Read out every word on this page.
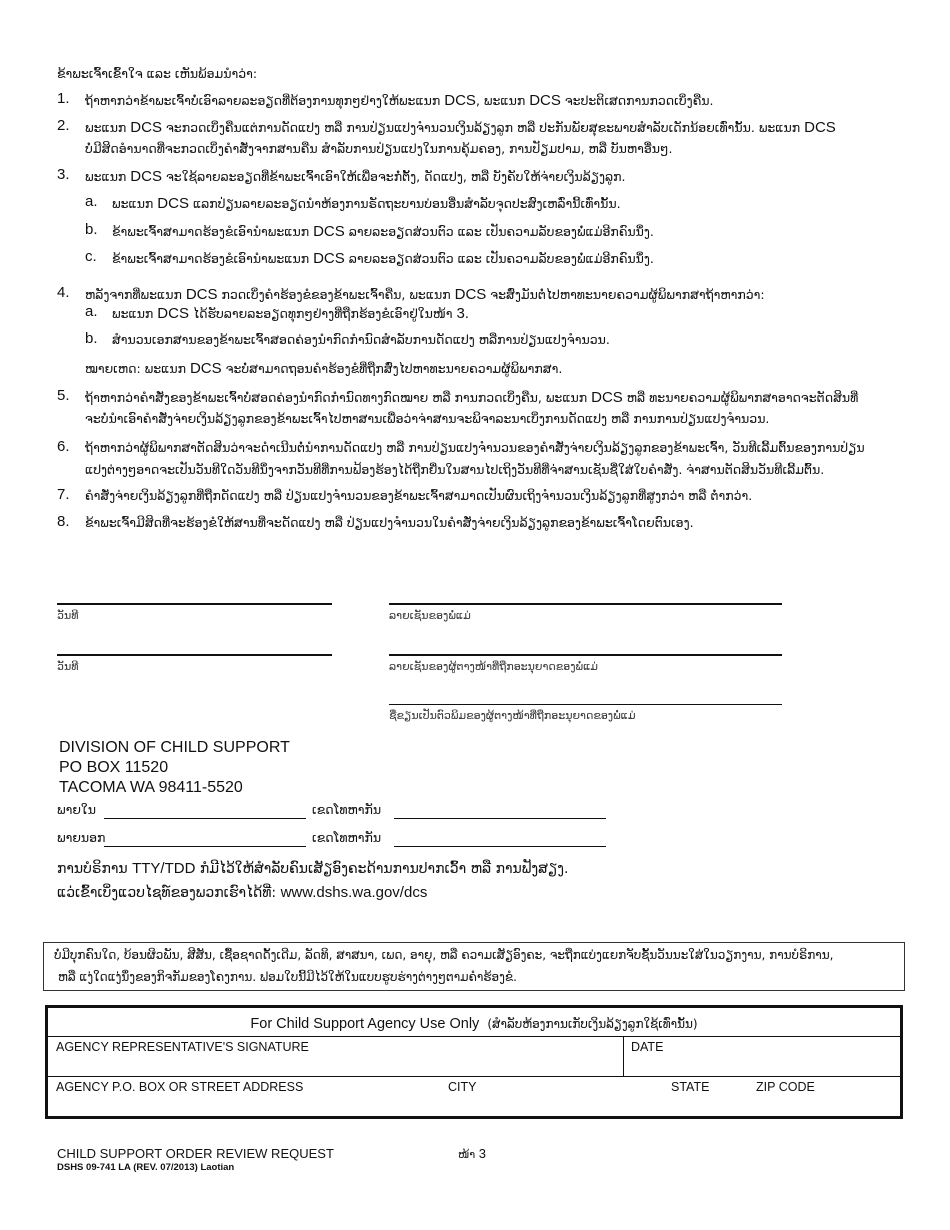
ຂ້າພະເຈົ້າເຂົ້າໃຈ ແລະ ເຫັນພ້ອມນຳວ່າ:
1. ຖ້າຫາກວ່າຂ້າພະເຈົ້າບໍ່ເອົາລາຍລະອຽດທີ່ຕ້ອງການທຸກໆຢ່າງໃຫ້ພະແນກ DCS, ພະແນກ DCS ຈະປະຕິເສດການກວດເບິ່ງຄືນ.
2. ພະແນກ DCS ຈະກວດເບິ່ງຄືນແຕ່ການດັດແປງ ຫລື ການປ່ຽນແປງຈຳນວນເງິນລ້ຽງລູກ ຫລື ປະກັນພັຍສຸຂະພາບສຳລັບເດັກນ້ອຍເທົ່ານັ້ນ. ພະແນກ DCS
ບໍ່ມີສິດອຳນາດທີ່ຈະກວດເບິ່ງຄຳສັ່ງຈາກສານຄືນ ສຳລັບການປ່ຽນແປງໃນການຄຸ້ມຄອງ, ການປັຽມປາມ, ຫລື ບັນຫາອື່ນໆ.
3. ພະແນກ DCS ຈະໃຊ້ລາຍລະອຽດທີ່ຂ້າພະເຈົ້າເອົາໃຫ້ເພື່ອຈະກໍ່ຕັ້ງ, ດັດແປງ, ຫລື ບັງຄັບໃຫ້ຈ່າຍເງິນລ້ຽງລູກ.
a. ພະແນກ DCS ແລກປ່ຽນລາຍລະອຽດນຳຫ້ອງການຣັດຖະບານບ່ອນອື່ນສຳລັບຈຸດປະສົງເຫລົ່ານີ້ເທົ່ານັ້ນ.
b. ຂ້າພະເຈົ້າສາມາດຮ້ອງຂໍເອົານຳພະແນກ DCS ລາຍລະອຽດສ່ວນຕົວ ແລະ ເປັນຄວາມລັບຂອງພໍ່ແມ່ອີກຄົນນຶ່ງ.
c. ຂ້າພະເຈົ້າສາມາດຮ້ອງຂໍເອົານຳພະແນກ DCS ລາຍລະອຽດສ່ວນຕົວ ແລະ ເປັນຄວາມລັບຂອງພໍ່ແມ່ອີກຄົນນຶ່ງ.
4. ຫລັງຈາກທີ່ພະແນກ DCS ກວດເບິ່ງຄຳຮ້ອງຂໍຂອງຂ້າພະເຈົ້າຄືນ, ພະແນກ DCS ຈະສົ່ງມັນຕໍ່ໄປຫາທະນາຍຄວາມຜູ້ພິພາກສາຖ້າຫາກວ່າ:
a. ພະແນກ DCS ໄດ້ຮັບລາຍລະອຽດທຸກໆຢ່າງທີ່ຖືກຮ້ອງຂໍເອົາຢູ່ໃນໜ້າ 3.
b. ສຳນວນເອກສານຂອງຂ້າພະເຈົ້າສອດຄ່ອງນຳກົດກຳນົດສຳລັບການດັດແປງ ຫລືການປ່ຽນແປງຈຳນວນ.
ໝາຍເຫດ: ພະແນກ DCS ຈະບໍ່ສາມາດຖອນຄຳຮ້ອງຂໍທີ່ຖືກສົ່ງໄປຫາທະນາຍຄວາມຜູ້ພິພາກສາ.
5. ຖ້າຫາກວ່າຄຳສັ່ງຂອງຂ້າພະເຈົ້າບໍ່ສອດຄ່ອງນຳກົດກຳນົດທາງກົດໝາຍ ຫລື ການກວດເບິ່ງຄືນ, ພະແນກ DCS ຫລື ທະນາຍຄວາມຜູ້ພິພາກສາອາດຈະຕັດສິນທີ່
ຈະບໍ່ນຳເອົາຄຳສັ່ງຈ່າຍເງິນລ້ຽງລູກຂອງຂ້າພະເຈົ້າໄປຫາສານເພື່ອວ່າຈ່າສານຈະພິຈາລະນາເບິ່ງການດັດແປງ ຫລື ການການປ່ຽນແປງຈຳນວນ.
6. ຖ້າຫາກວ່າຜູ້ພິພາກສາຕັດສິນວ່າຈະດຳເນີນຕໍ່ນຳການດັດແປງ ຫລື ການປ່ຽນແປງຈຳນວນຂອງຄຳສັ່ງຈ່າຍເງິນລ້ຽງລູກຂອງຂ້າພະເຈົ້າ, ວັນທີເລີ້ມຕົ້ນຂອງການປ່ຽນ
ແປງຕ່າງໆອາດຈະເປັນວັນທີໃດວັນທີນຶ່ງຈາກວັນທີທີ່ການຟ້ອງຮ້ອງໄດ້ຖືກຍື່ນໃນສານໄປເຖິງວັນທີທີ່ຈ່າສານເຊັນຊື່ໃສ່ໃບຄຳສັ່ງ. ຈ່າສານຕັດສິນວັນທີເລີ້ມຕົ້ນ.
7. ຄຳສັ່ງຈ່າຍເງິນລ້ຽງລູກທີ່ຖືກດັດແປງ ຫລື ປ່ຽນແປງຈຳນວນຂອງຂ້າພະເຈົ້າສາມາດເປັນຜົນເຖິງຈຳນວນເງິນລ້ຽງລູກທີ່ສູງກວ່າ ຫລື ຕ່ຳກວ່າ.
8. ຂ້າພະເຈົ້າມີສິດທີ່ຈະຮ້ອງຂໍໃຫ້ສານທີ່ຈະດັດແປງ ຫລື ປ່ຽນແປງຈຳນວນໃນຄຳສັ່ງຈ່າຍເງິນລ້ຽງລູກຂອງຂ້າພະເຈົ້າໂດຍຕົນເອງ.
ວັນທີ	ລາຍເຊັນຂອງພໍ່ແມ່
ວັນທີ	ລາຍເຊັນຂອງຜູ້ຕາງໜ້າທີ່ຖືກອະນຸຍາດຂອງພໍ່ແມ່
ຊື່ຂຽນເປັນຕົວພິມຂອງຜູ້ຕາງໜ້າທີ່ຖືກອະນຸຍາດຂອງພໍ່ແມ່
DIVISION OF CHILD SUPPORT
PO BOX 11520
TACOMA WA 98411-5520
ພາຍໃນ	ເຂດໂທຫາກັນ
ພາຍນອກ	ເຂດໂທຫາກັນ
ການບໍຣິການ TTY/TDD ກໍມີໄວ້ໃຫ້ສຳລັບຄົນເສັຽອົງຄະດ້ານການປາກເວົ້າ ຫລື ການຟັງສຽງ.
ແວ່ເຂົ້າເບິ່ງແວບໄຊທ໌ຂອງພວກເຮົາໄດ້ທີ່: www.dshs.wa.gov/dcs
ບໍ່ມີບຸກຄົນໃດ, ບ້ອນຜິວພັນ, ສີສັນ, ເຊື້ອຊາດດັ້ງເດີມ, ລັດທິ, ສາສນາ, ເພດ, ອາຍຸ, ຫລື ຄວາມເສັຽອົງຄະ, ຈະຖືກແບ່ງແຍກຈັບຊັ້ນວັນນະໃສ່ໃນວຽກງານ, ການບໍຣິການ,
ຫລື ແງ່ໃດແງ່ນຶ່ງຂອງກິຈກັມຂອງໂຄງການ. ຟອມໃບນີ້ມີໄວ້ໃຫ້ໃນແບບຮູບຮ່າງຕ່າງໆຕາມຄຳຮ້ອງຂໍ.
For Child Support Agency Use Only (ສຳລັບຫ້ອງການເກັບເງິນລ້ຽງລູກໃຊ້ເທົ່ານັ້ນ)
AGENCY REPRESENTATIVE'S SIGNATURE	DATE
AGENCY P.O. BOX OR STREET ADDRESS	CITY	STATE	ZIP CODE
CHILD SUPPORT ORDER REVIEW REQUEST
DSHS 09-741 LA (REV. 07/2013) Laotian
ໜ້າ 3
